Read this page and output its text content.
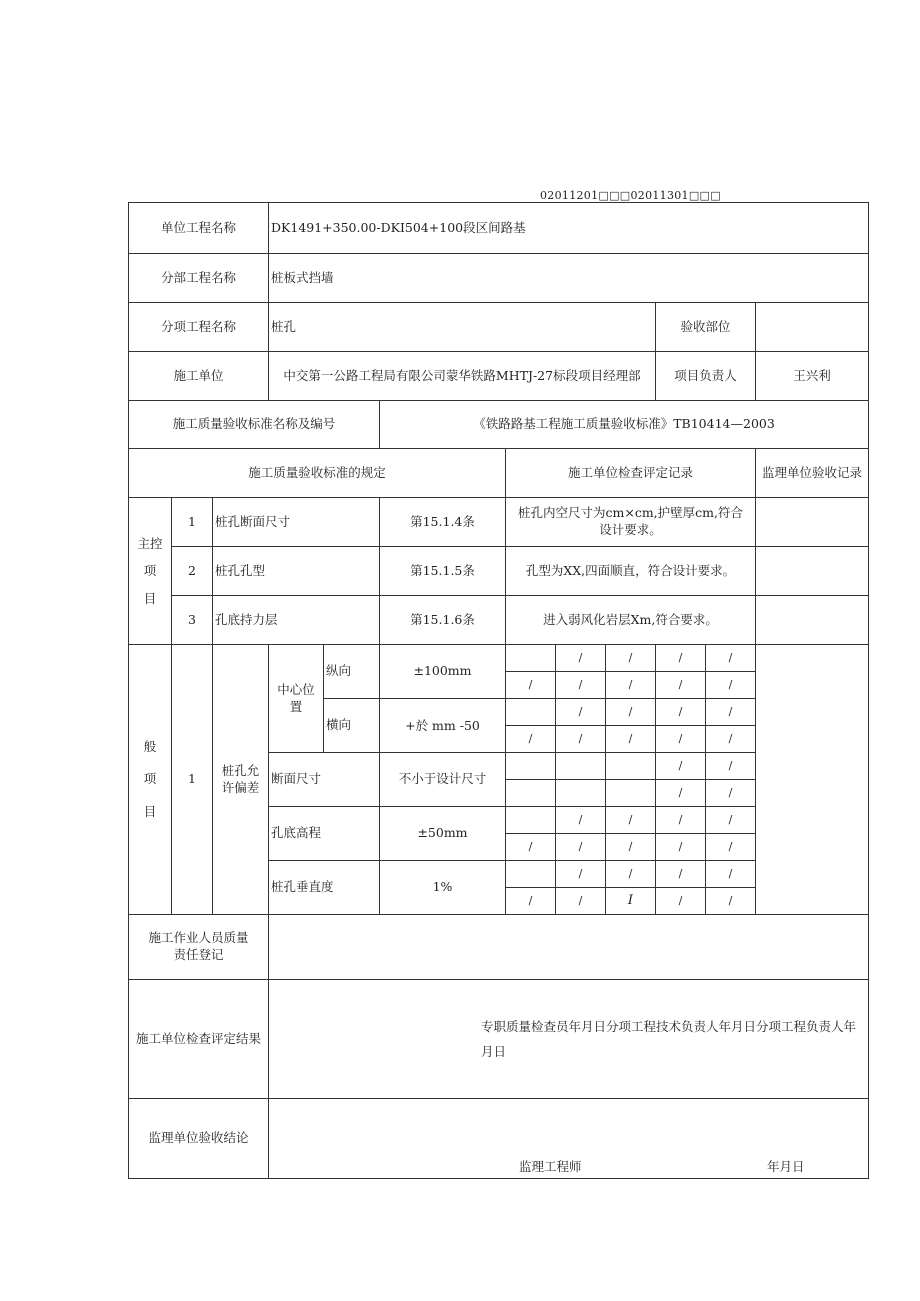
02011201□□□02011301□□□
单位工程名称			DK1491+350.00-DKI504+100段区间路基								
分部工程名称			桩板式挡墙								
分项工程名称			桩孔						验收部位		
施工单位			中交第一公路工程局有限公司蒙华铁路MHTJ-27标段项目经理部						项目负责人		王兴利
施工质量验收标准名称及编号					《铁路路基工程施工质量验收标准》TB10414—2003						
施工质量验收标准的规定						施工单位检查评定记录					监理单位验收记录

主控
项
目	1	桩孔断面尺寸			第15.1.4条	桩孔内空尺寸为cm×cm,护壁厚cm,符合设计要求。					
	2	桩孔孔型			第15.1.5条	孔型为XX,四面顺直，符合设计要求。					
	3	孔底持力层			第15.1.6条	进入弱风化岩层Xm,符合要求。					

般
项
目	1	桩孔允许偏差	中心位置	纵向	±100mm		/	/	/	/	
						/	/	/	/	/	
				横向	+於 mm -50		/	/	/	/	
						/	/	/	/	/	
			断面尺寸		不小于设计尺寸				/	/	
									/	/	
			孔底高程		±50mm		/	/	/	/	
						/	/	/	/	/	
			桩孔垂直度		1%		/	/	/	/	
						/	/	I	/	/	
施工作业人员质量责任登记											
施工单位检查评定结果			专职质量检查员年月日分项工程技术负责人年月日分项工程负责人年月日								

监理单位验收结论			监理工程师 年月日								
